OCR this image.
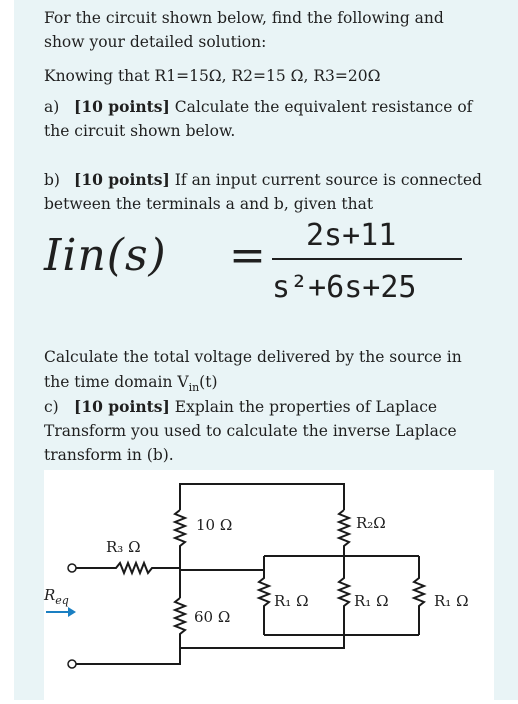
For the circuit shown below, find the following and
show your detailed solution:
Knowing that R1=15Ω, R2=15 Ω, R3=20Ω
a) [10 points] Calculate the equivalent resistance of
the circuit shown below.
b) [10 points] If an input current source is connected
between the terminals a and b, given that
Iin(s) = 2s+11
s²+6s+25
Calculate the total voltage delivered by the source in
the time domain $V_{in}(t)$
c) [10 points] Explain the properties of Laplace
Transform you used to calculate the inverse Laplace
transform in (b).
10 Ω	R₂Ω
R₃ Ω
60 Ω
R₁ Ω	R₁ Ω	R₁ Ω
$R_{eq}$
